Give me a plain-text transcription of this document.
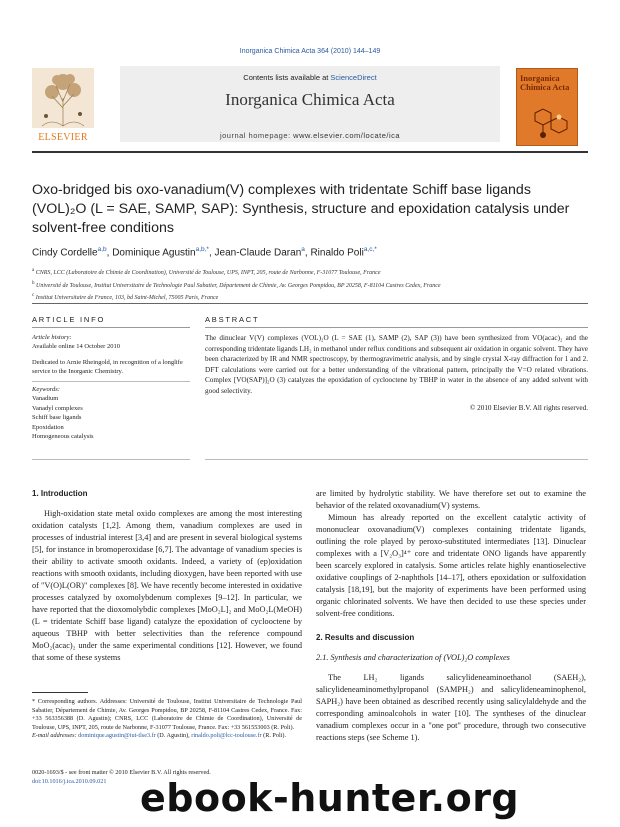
Inorganica Chimica Acta 364 (2010) 144–149
Contents lists available at ScienceDirect
Inorganica Chimica Acta
journal homepage: www.elsevier.com/locate/ica
ELSEVIER
Inorganica Chimica Acta
Oxo-bridged bis oxo-vanadium(V) complexes with tridentate Schiff base ligands (VOL)₂O (L = SAE, SAMP, SAP): Synthesis, structure and epoxidation catalysis under solvent-free conditions
Cindy Cordelle$^{a,b}$, Dominique Agustin$^{a,b,*}$, Jean-Claude Daran$^a$, Rinaldo Poli$^{a,c,*}$
$^a$ CNRS, LCC (Laboratoire de Chimie de Coordination), Université de Toulouse, UPS, INPT, 205, route de Narbonne, F-31077 Toulouse, France
$^b$ Université de Toulouse, Institut Universitaire de Technologie Paul Sabatier, Département de Chimie, Av. Georges Pompidou, BP 20258, F-81104 Castres Cedex, France
$^c$ Institut Universitaire de France, 103, bd Saint-Michel, 75005 Paris, France
ARTICLE INFO	ABSTRACT
Article history:
Available online 14 October 2010
Dedicated to Arnie Rheingold, in recognition of a longlife service to the Inorganic Chemistry.
Keywords:
Vanadium
Vanadyl complexes
Schiff base ligands
Epoxidation
Homogeneous catalysis
The dinuclear V(V) complexes (VOL)₂O (L = SAE (1), SAMP (2), SAP (3)) have been synthesized from VO(acac)₂ and the corresponding tridentate ligands LH₂ in methanol under reflux conditions and subsequent air oxidation in organic solvent. They have been characterized by IR and NMR spectroscopy, by thermogravimetric analysis, and by single crystal X-ray diffraction for 1 and 2. DFT calculations were carried out for a better understanding of the vibrational pattern, principally the V=O related vibrations. Complex [VO(SAP)]₂O (3) catalyzes the epoxidation of cyclooctene by TBHP in water in the absence of any added solvent with good selectivity.
© 2010 Elsevier B.V. All rights reserved.
1. Introduction

High-oxidation state metal oxido complexes are among the most interesting oxidation catalysts [1,2]. Among them, vanadium complexes are used in processes of industrial interest [3,4] and are present in several biological systems [5], for instance in bromoperoxidase [6,7]. The advantage of vanadium species is their ability to activate smooth oxidants. Indeed, a variety of (ep)oxidation reactions with smooth oxidants, including dioxygen, have been reported with use of "V(O)L(OR)" complexes [8]. We have recently become interested in oxidative processes catalyzed by oxomolybdenum complexes [9–12]. In particular, we have reported that the dioxomolybdic complexes [MoO₂L]₂ and MoO₂L(MeOH) (L = tridentate Schiff base ligand) catalyze the epoxidation of cyclooctene by aqueous TBHP with better selectivities than the reference compound MoO₂(acac)₂ under the same experimental conditions [12]. However, we found that some of these systems

are limited by hydrolytic stability. We have therefore set out to examine the behavior of the related oxovanadium(V) systems.

Mimoun has already reported on the excellent catalytic activity of mononuclear oxovanadium(V) complexes containing tridentate ligands, outlining the role played by peroxo-substituted intermediates [13]. Dinuclear complexes with a [V₂O₃]⁴⁺ core and tridentate ONO ligands have apparently been scarcely explored in catalysis. Some articles relate highly enantioselective oxidative couplings of 2-naphthols [14–17], others epoxidation or sulfoxidation catalysis [18,19], but the majority of experiments have been performed using organic chlorinated solvents. We have then decided to use these species under solvent-free conditions.

2. Results and discussion
2.1. Synthesis and characterization of (VOL)₂O complexes

The LH₂ ligands salicylideneaminoethanol (SAEH₂), salicylideneaminomethylpropanol (SAMPH₂) and salicylideneaminophenol, SAPH₂) have been obtained as described recently using salicylaldehyde and the corresponding aminoalcohols in water [10]. The syntheses of the dinuclear vanadium complexes occur in a "one pot" procedure, through two consecutive reactions steps (see Scheme 1).

* Corresponding authors. Addresses: Université de Toulouse, Institut Universitaire de Technologie Paul Sabatier, Département de Chimie, Av. Georges Pompidou, BP 20258, F-81104 Castres Cedex, France. Fax: +33 563356388 (D. Agustin); CNRS, LCC (Laboratoire de Chimie de Coordination), Université de Toulouse, UPS, INPT, 205, route de Narbonne, F-31077 Toulouse, France. Fax: +33 561553003 (R. Poli).
E-mail addresses: dominique.agustin@iut-tlse3.fr (D. Agustin), rinaldo.poli@lcc-toulouse.fr (R. Poli).
0020-1693/$ - see front matter © 2010 Elsevier B.V. All rights reserved.
doi:10.1016/j.ica.2010.09.021 ebook-hunter.org
